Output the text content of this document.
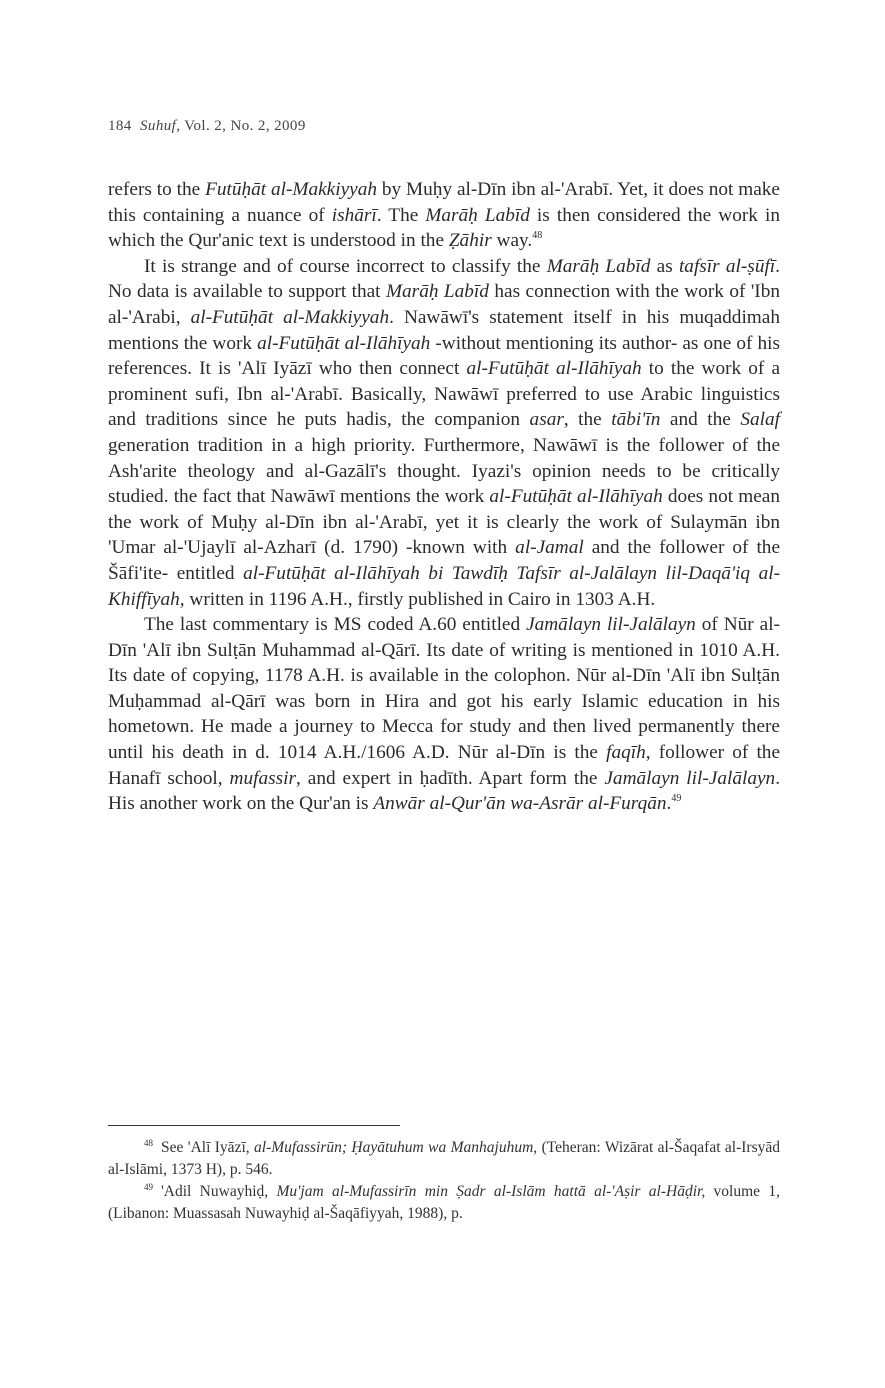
184 Suhuf, Vol. 2, No. 2, 2009

refers to the Futūḥāt al-Makkiyyah by Muḥy al-Dīn ibn al-'Arabī. Yet, it does not make this containing a nuance of ishārī. The Marāḥ Labīd is then considered the work in which the Qur'anic text is understood in the Ẓāhir way.$^{48}$

It is strange and of course incorrect to classify the Marāḥ Labīd as tafsīr al-ṣūfī. No data is available to support that Marāḥ Labīd has connection with the work of 'Ibn al-'Arabi, al-Futūḥāt al-Makkiyyah. Nawāwī's statement itself in his muqaddimah mentions the work al-Futūḥāt al-Ilāhīyah -without mentioning its author- as one of his references. It is 'Alī Iyāzī who then connect al-Futūḥāt al-Ilāhīyah to the work of a prominent sufi, Ibn al-'Arabī. Basically, Nawāwī preferred to use Arabic linguistics and traditions since he puts hadis, the companion asar, the tābi'īn and the Salaf generation tradition in a high priority. Furthermore, Nawāwī is the follower of the Ash'arite theology and al-Gazālī's thought. Iyazi's opinion needs to be critically studied. the fact that Nawāwī mentions the work al-Futūḥāt al-Ilāhīyah does not mean the work of Muḥy al-Dīn ibn al-'Arabī, yet it is clearly the work of Sulaymān ibn 'Umar al-'Ujaylī al-Azharī (d. 1790) -known with al-Jamal and the follower of the Šāfi'ite- entitled al-Futūḥāt al-Ilāhīyah bi Tawdīḥ Tafsīr al-Jalālayn lil-Daqā'iq al-Khiffīyah, written in 1196 A.H., firstly published in Cairo in 1303 A.H.

The last commentary is MS coded A.60 entitled Jamālayn lil-Jalālayn of Nūr al-Dīn 'Alī ibn Sulṭān Muhammad al-Qārī. Its date of writing is mentioned in 1010 A.H. Its date of copying, 1178 A.H. is available in the colophon. Nūr al-Dīn 'Alī ibn Sulṭān Muḥammad al-Qārī was born in Hira and got his early Islamic education in his hometown. He made a journey to Mecca for study and then lived permanently there until his death in d. 1014 A.H./1606 A.D. Nūr al-Dīn is the faqīh, follower of the Hanafī school, mufassir, and expert in ḥadīth. Apart form the Jamālayn lil-Jalālayn. His another work on the Qur'an is Anwār al-Qur'ān wa-Asrār al-Furqān.$^{49}$

$^{48}$ See 'Alī Iyāzī, al-Mufassirūn; Ḥayātuhum wa Manhajuhum, (Teheran: Wizārat al-Šaqafat al-Irsyād al-Islāmi, 1373 H), p. 546.

$^{49}$ 'Adil Nuwayhiḍ, Mu'jam al-Mufassirīn min Ṣadr al-Islām hattā al-'Aṣir al-Hāḍir, volume 1, (Libanon: Muassasah Nuwayhiḍ al-Šaqāfiyyah, 1988), p.
